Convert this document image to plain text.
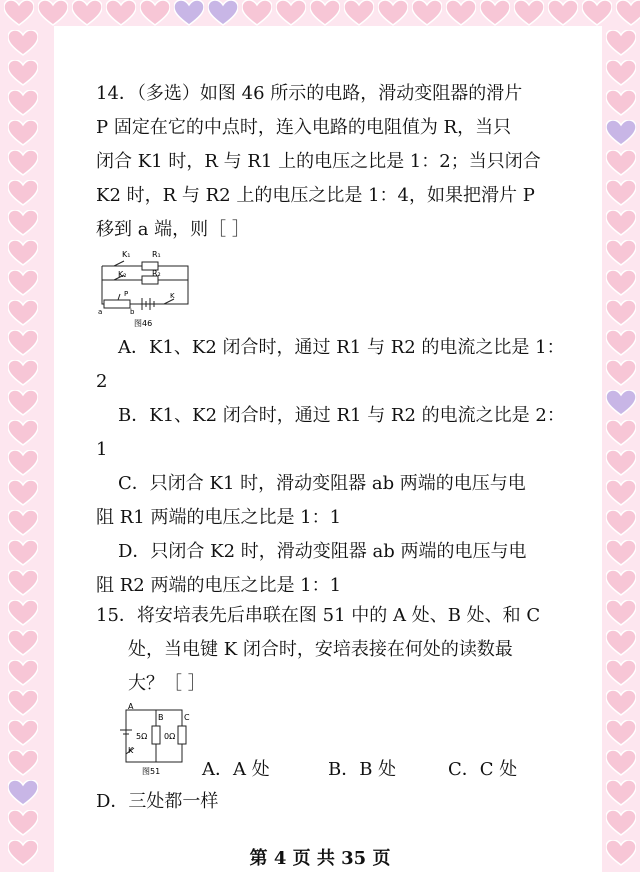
14．（多选）如图 46 所示的电路，滑动变阻器的滑片
P 固定在它的中点时，连入电路的电阻值为 R，当只
闭合 K1 时，R 与 R1 上的电压之比是 1：2；当只闭合
K2 时，R 与 R2 上的电压之比是 1：4，如果把滑片 P
移到 a 端，则［ ］
K₁	R₁
K₂	R₂
P
a	b
K
图46
A．K1、K2 闭合时，通过 R1 与 R2 的电流之比是 1：
2
B．K1、K2 闭合时，通过 R1 与 R2 的电流之比是 2：
1
C．只闭合 K1 时，滑动变阻器 ab 两端的电压与电
阻 R1 两端的电压之比是 1：1
D．只闭合 K2 时，滑动变阻器 ab 两端的电压与电
阻 R2 两端的电压之比是 1：1
15．将安培表先后串联在图 51 中的 A 处、B 处、和 C
处，当电键 K 闭合时，安培表接在何处的读数最
大？［ ］
A
B	C
5Ω 0Ω
K
图51 A．A 处	B．B 处	C．C 处
D．三处都一样
第 4 页 共 35 页
